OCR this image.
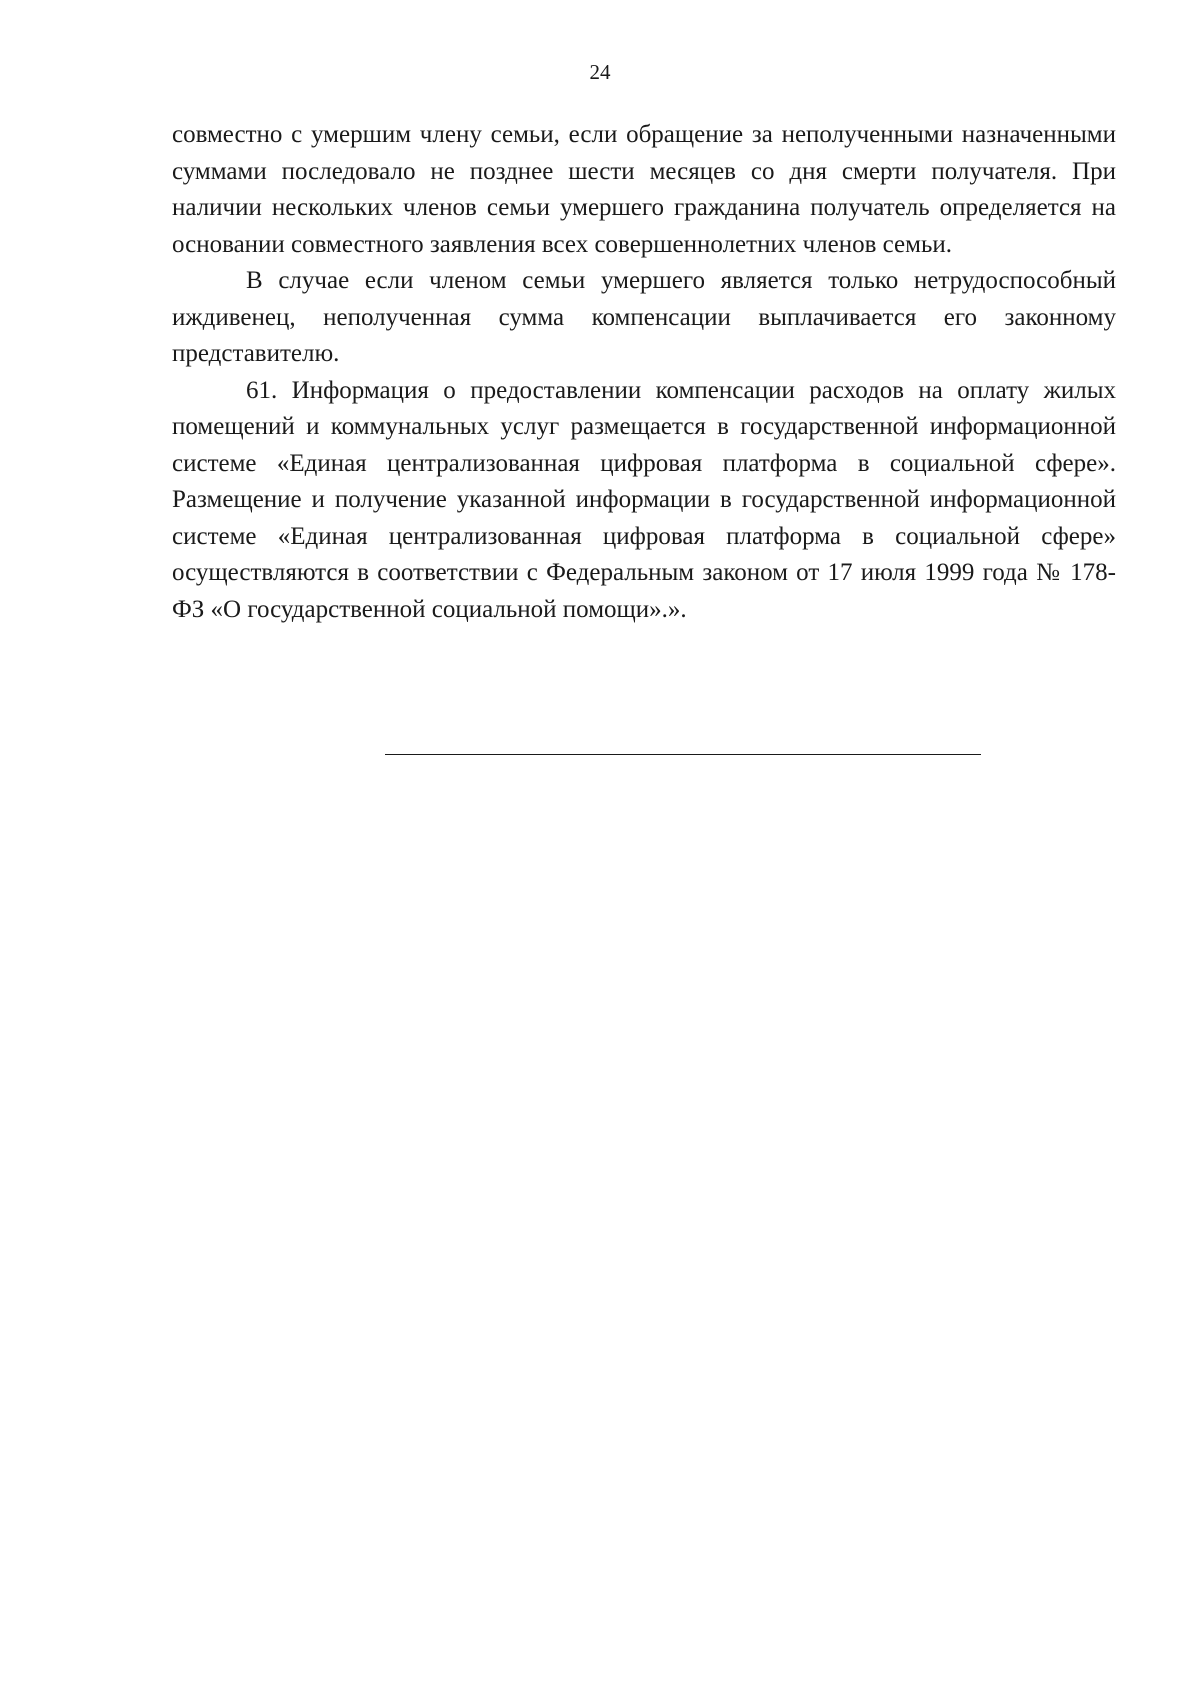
24

совместно с умершим члену семьи, если обращение за неполученными назначенными суммами последовало не позднее шести месяцев со дня смерти получателя. При наличии нескольких членов семьи умершего гражданина получатель определяется на основании совместного заявления всех совершеннолетних членов семьи.

В случае если членом семьи умершего является только нетрудоспособный иждивенец, неполученная сумма компенсации выплачивается его законному представителю.

61. Информация о предоставлении компенсации расходов на оплату жилых помещений и коммунальных услуг размещается в государственной информационной системе «Единая централизованная цифровая платформа в социальной сфере». Размещение и получение указанной информации в государственной информационной системе «Единая централизованная цифровая платформа в социальной сфере» осуществляются в соответствии с Федеральным законом от 17 июля 1999 года № 178-ФЗ «О государственной социальной помощи».».
